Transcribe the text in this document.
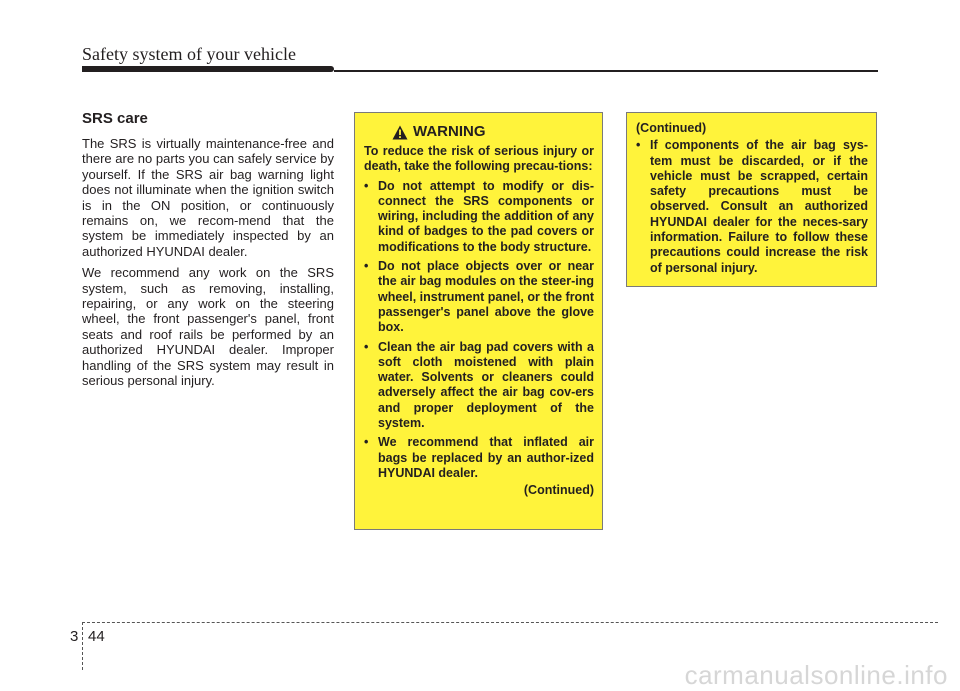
Safety system of your vehicle
SRS care

The SRS is virtually maintenance-free and there are no parts you can safely service by yourself. If the SRS air bag warning light does not illuminate when the ignition switch is in the ON position, or continuously remains on, we recom-mend that the system be immediately inspected by an authorized HYUNDAI dealer.

We recommend any work on the SRS system, such as removing, installing, repairing, or any work on the steering wheel, the front passenger's panel, front seats and roof rails be performed by an authorized HYUNDAI dealer. Improper handling of the SRS system may result in serious personal injury.

WARNING

To reduce the risk of serious injury or death, take the following precau-tions:

• Do not attempt to modify or dis-connect the SRS components or wiring, including the addition of any kind of badges to the pad covers or modifications to the body structure.
• Do not place objects over or near the air bag modules on the steer-ing wheel, instrument panel, or the front passenger's panel above the glove box.
• Clean the air bag pad covers with a soft cloth moistened with plain water. Solvents or cleaners could adversely affect the air bag cov-ers and proper deployment of the system.
• We recommend that inflated air bags be replaced by an author-ized HYUNDAI dealer.
(Continued)

(Continued)

• If components of the air bag sys-tem must be discarded, or if the vehicle must be scrapped, certain safety precautions must be observed. Consult an authorized HYUNDAI dealer for the neces-sary information. Failure to follow these precautions could increase the risk of personal injury.
3 44
carmanualsonline.info
